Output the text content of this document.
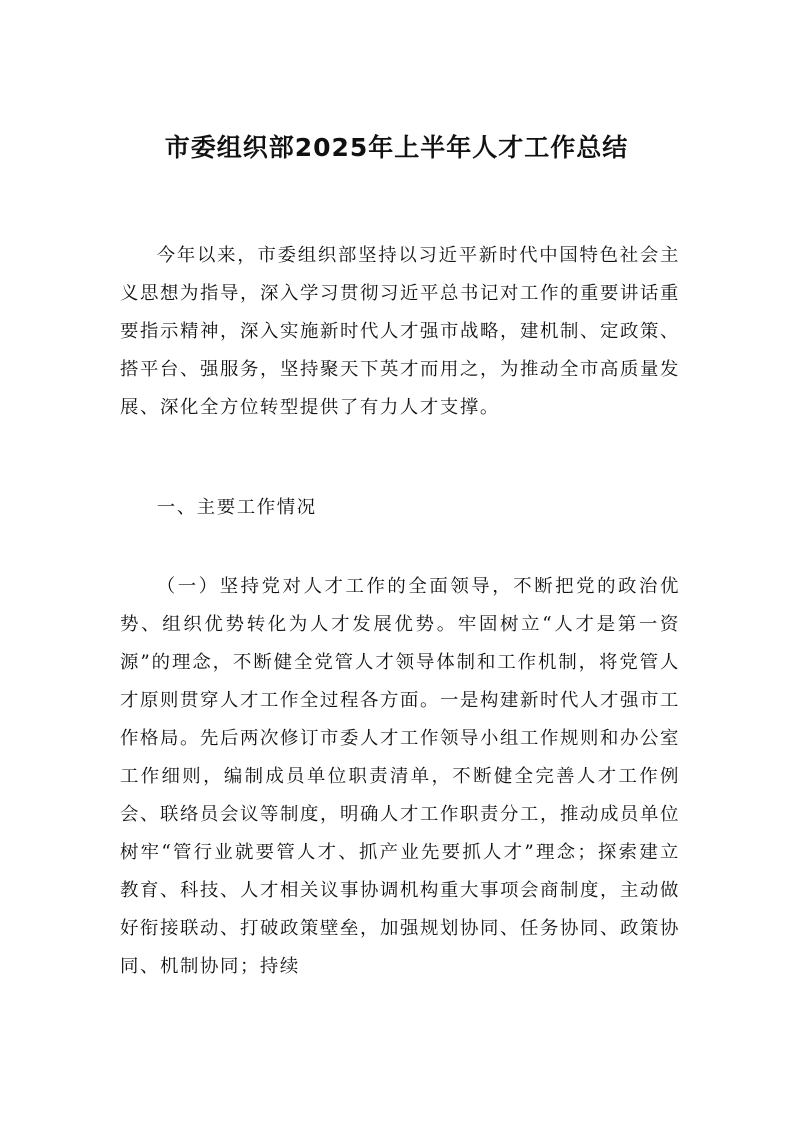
市委组织部2025年上半年人才工作总结

今年以来，市委组织部坚持以习近平新时代中国特色社会主义思想为指导，深入学习贯彻习近平总书记对工作的重要讲话重要指示精神，深入实施新时代人才强市战略，建机制、定政策、搭平台、强服务，坚持聚天下英才而用之，为推动全市高质量发展、深化全方位转型提供了有力人才支撑。

一、主要工作情况

（一）坚持党对人才工作的全面领导，不断把党的政治优势、组织优势转化为人才发展优势。牢固树立“人才是第一资源”的理念，不断健全党管人才领导体制和工作机制，将党管人才原则贯穿人才工作全过程各方面。一是构建新时代人才强市工作格局。先后两次修订市委人才工作领导小组工作规则和办公室工作细则，编制成员单位职责清单，不断健全完善人才工作例会、联络员会议等制度，明确人才工作职责分工，推动成员单位树牢“管行业就要管人才、抓产业先要抓人才”理念；探索建立教育、科技、人才相关议事协调机构重大事项会商制度，主动做好衔接联动、打破政策壁垒，加强规划协同、任务协同、政策协同、机制协同；持续
